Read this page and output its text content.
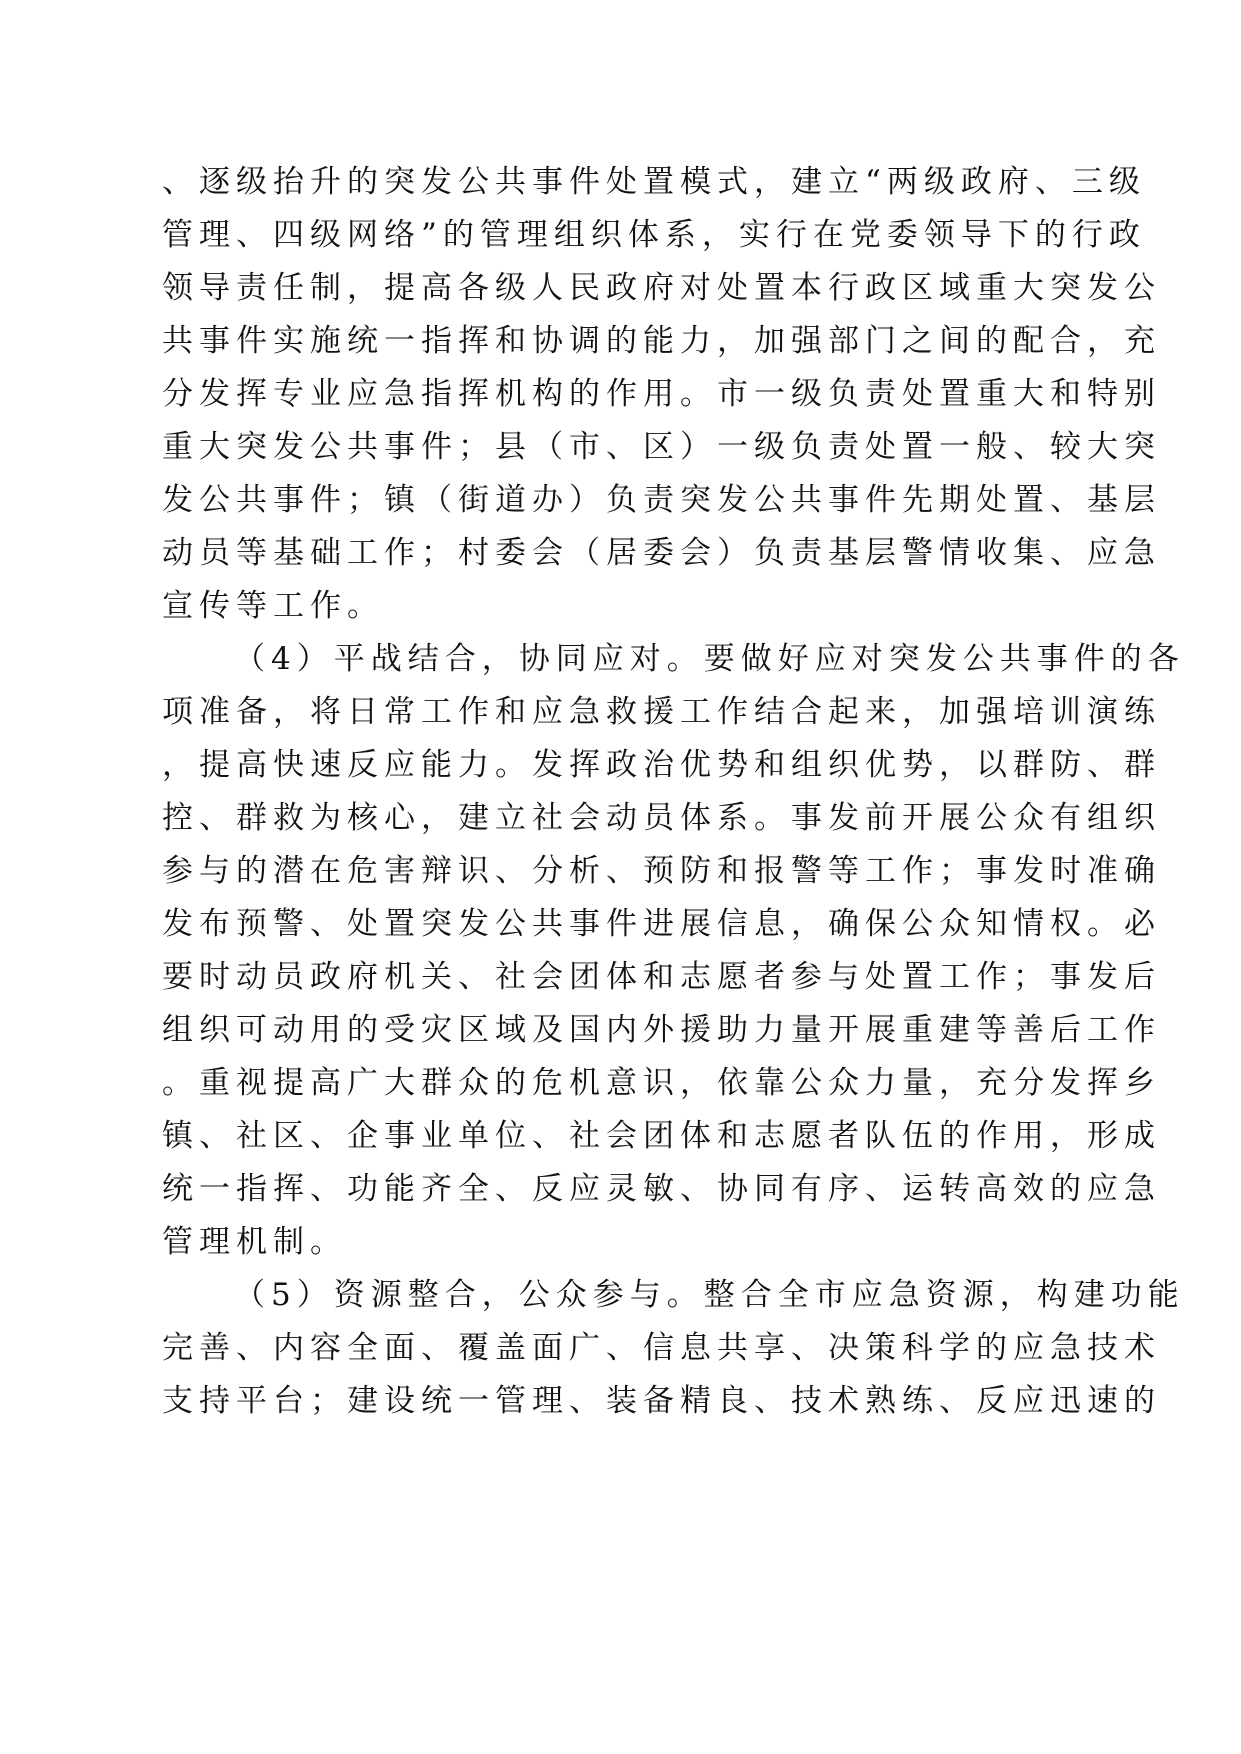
、逐级抬升的突发公共事件处置模式，建立“两级政府、三级
管理、四级网络”的管理组织体系，实行在党委领导下的行政
领导责任制，提高各级人民政府对处置本行政区域重大突发公
共事件实施统一指挥和协调的能力，加强部门之间的配合，充
分发挥专业应急指挥机构的作用。市一级负责处置重大和特别
重大突发公共事件；县（市、区）一级负责处置一般、较大突
发公共事件；镇（街道办）负责突发公共事件先期处置、基层
动员等基础工作；村委会（居委会）负责基层警情收集、应急
宣传等工作。
（4）平战结合，协同应对。要做好应对突发公共事件的各
项准备，将日常工作和应急救援工作结合起来，加强培训演练
，提高快速反应能力。发挥政治优势和组织优势，以群防、群
控、群救为核心，建立社会动员体系。事发前开展公众有组织
参与的潜在危害辩识、分析、预防和报警等工作；事发时准确
发布预警、处置突发公共事件进展信息，确保公众知情权。必
要时动员政府机关、社会团体和志愿者参与处置工作；事发后
组织可动用的受灾区域及国内外援助力量开展重建等善后工作
。重视提高广大群众的危机意识，依靠公众力量，充分发挥乡
镇、社区、企事业单位、社会团体和志愿者队伍的作用，形成
统一指挥、功能齐全、反应灵敏、协同有序、运转高效的应急
管理机制。
（5）资源整合，公众参与。整合全市应急资源，构建功能
完善、内容全面、覆盖面广、信息共享、决策科学的应急技术
支持平台；建设统一管理、装备精良、技术熟练、反应迅速的
